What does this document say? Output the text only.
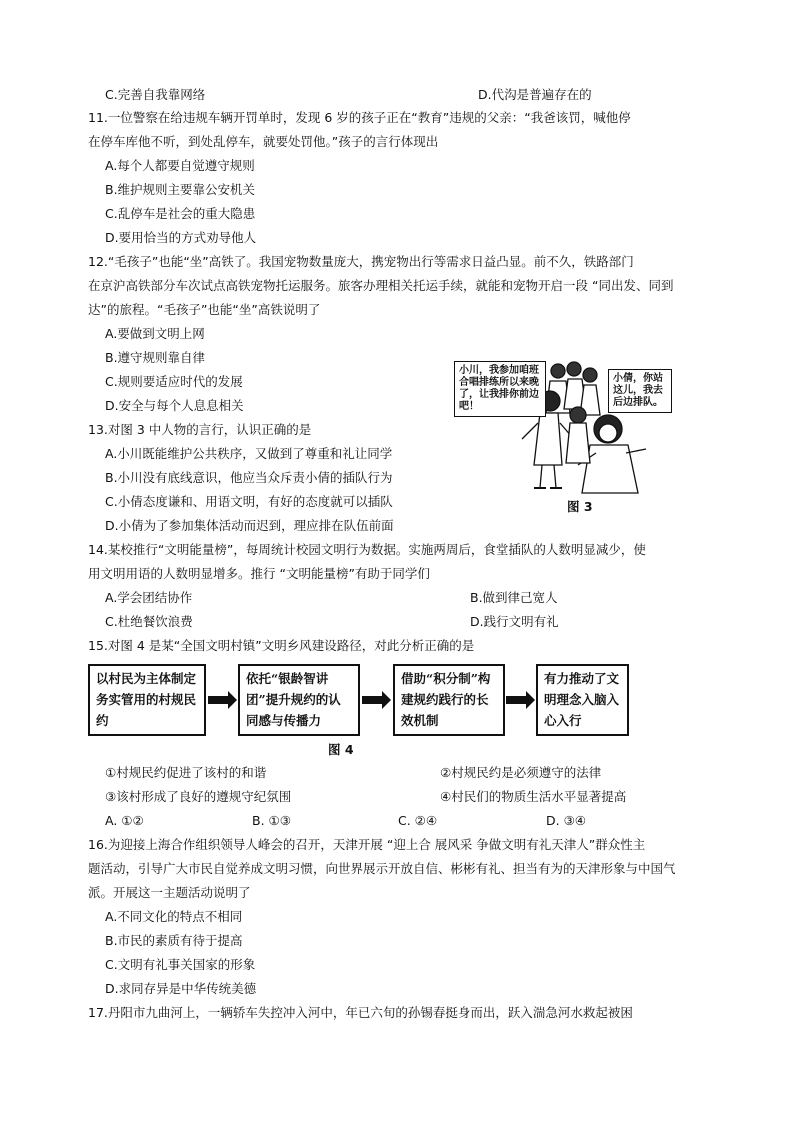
C.完善自我靠网络	D.代沟是普遍存在的
11.一位警察在给违规车辆开罚单时，发现 6 岁的孩子正在“教育”违规的父亲：“我爸该罚，喊他停
在停车库他不听，到处乱停车，就要处罚他。”孩子的言行体现出
A.每个人都要自觉遵守规则
B.维护规则主要靠公安机关
C.乱停车是社会的重大隐患
D.要用恰当的方式劝导他人
12.“毛孩子”也能“坐”高铁了。我国宠物数量庞大，携宠物出行等需求日益凸显。前不久，铁路部门
在京沪高铁部分车次试点高铁宠物托运服务。旅客办理相关托运手续，就能和宠物开启一段 “同出发、同到
达”的旅程。“毛孩子”也能“坐”高铁说明了
A.要做到文明上网
B.遵守规则靠自律
C.规则要适应时代的发展
D.安全与每个人息息相关
13.对图 3 中人物的言行，认识正确的是
A.小川既能维护公共秩序，又做到了尊重和礼让同学
B.小川没有底线意识，他应当众斥责小倩的插队行为
C.小倩态度谦和、用语文明，有好的态度就可以插队
D.小倩为了参加集体活动而迟到，理应排在队伍前面
小川，我参加咱班合唱排练所以来晚了，让我排你前边吧！
小倩，你站这儿，我去后边排队。
图 3
14.某校推行“文明能量榜”，每周统计校园文明行为数据。实施两周后，食堂插队的人数明显减少，使
用文明用语的人数明显增多。推行 “文明能量榜”有助于同学们
A.学会团结协作	B.做到律己宽人
C.杜绝餐饮浪费	D.践行文明有礼
15.对图 4 是某“全国文明村镇”文明乡风建设路径，对此分析正确的是
以村民为主体制定务实管用的村规民约
依托“银龄智讲团”提升规约的认同感与传播力
借助“积分制”构建规约践行的长效机制
有力推动了文明理念入脑入心入行
图 4
①村规民约促进了该村的和谐	②村规民约是必须遵守的法律
③该村形成了良好的遵规守纪氛围	④村民们的物质生活水平显著提高
A. ①②	B. ①③	C. ②④	D. ③④
16.为迎接上海合作组织领导人峰会的召开，天津开展 “迎上合 展风采 争做文明有礼天津人”群众性主
题活动，引导广大市民自觉养成文明习惯，向世界展示开放自信、彬彬有礼、担当有为的天津形象与中国气
派。开展这一主题活动说明了
A.不同文化的特点不相同
B.市民的素质有待于提高
C.文明有礼事关国家的形象
D.求同存异是中华传统美德
17.丹阳市九曲河上，一辆轿车失控冲入河中，年已六旬的孙锡春挺身而出，跃入湍急河水救起被困
